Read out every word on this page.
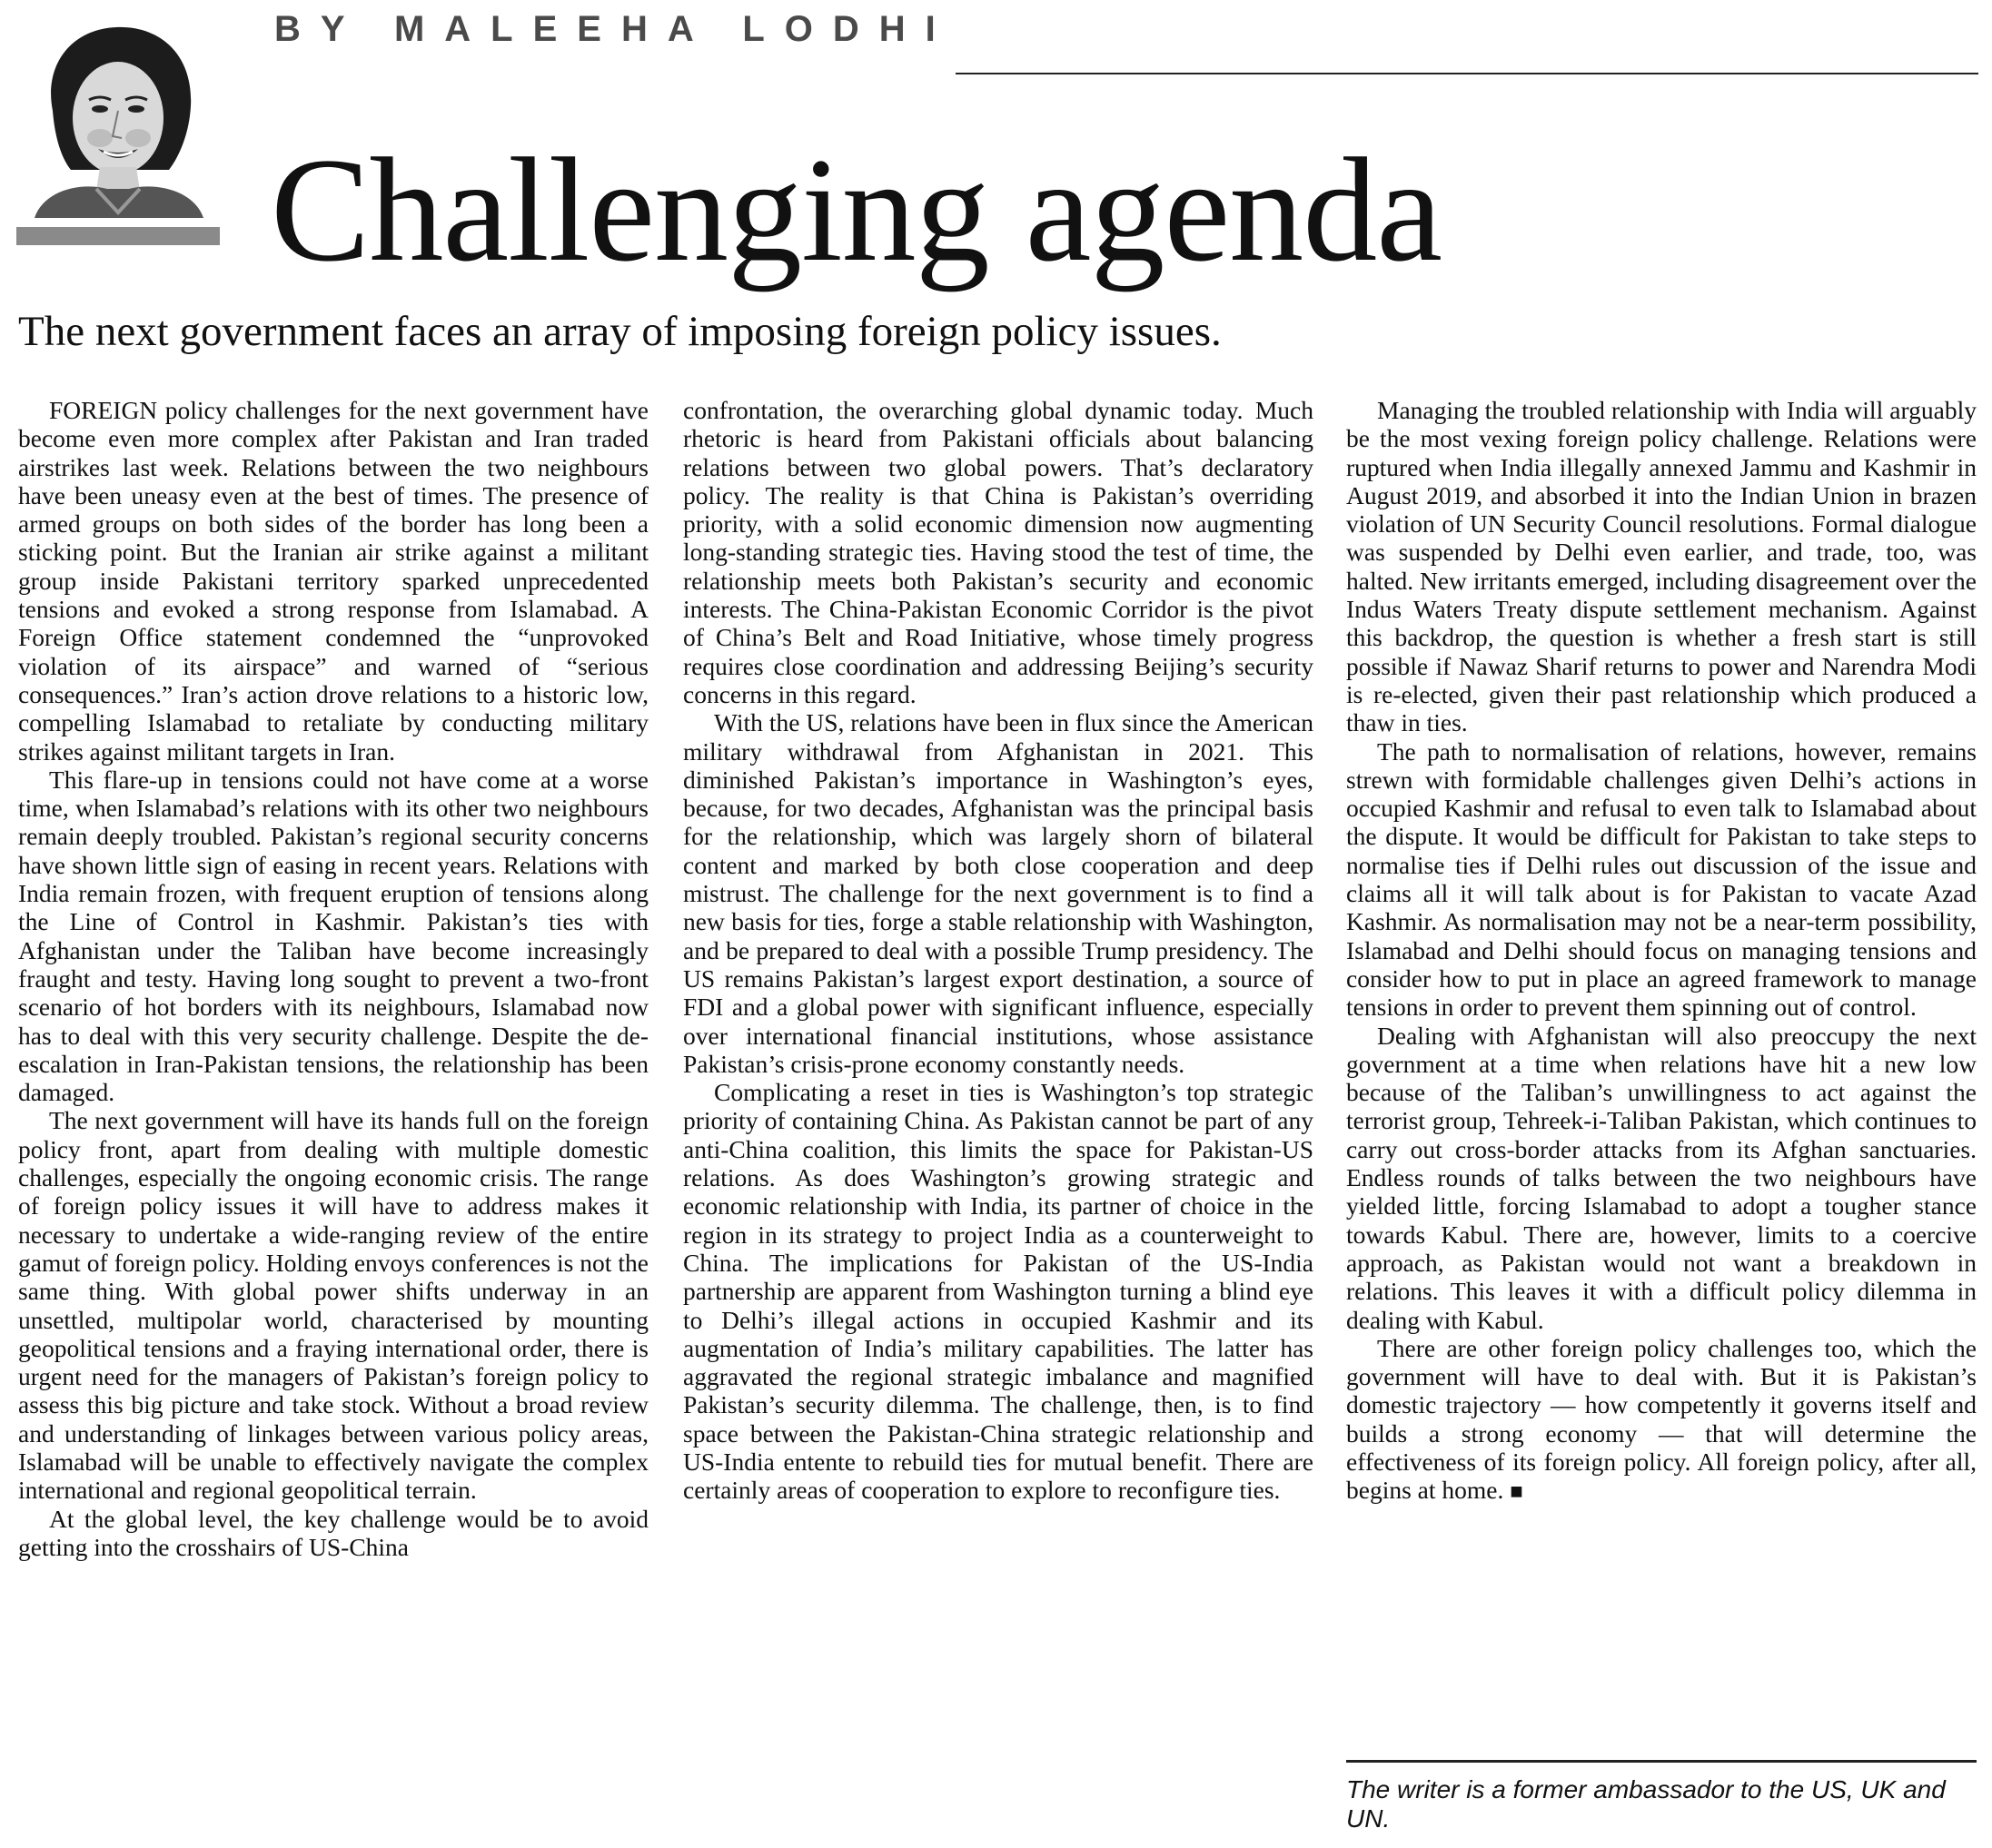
BY MALEEHA LODHI
Challenging agenda
The next government faces an array of imposing foreign policy issues.

FOREIGN policy challenges for the next government have become even more complex after Pakistan and Iran traded airstrikes last week. Relations between the two neighbours have been uneasy even at the best of times. The presence of armed groups on both sides of the border has long been a sticking point. But the Iranian air strike against a militant group inside Pakistani territory sparked unprecedented tensions and evoked a strong response from Islamabad. A Foreign Office statement condemned the “unprovoked violation of its airspace” and warned of “serious consequences.” Iran’s action drove relations to a historic low, compelling Islamabad to retaliate by conducting military strikes against militant targets in Iran.

This flare-up in tensions could not have come at a worse time, when Islamabad’s relations with its other two neighbours remain deeply troubled. Pakistan’s regional security concerns have shown little sign of easing in recent years. Relations with India remain frozen, with frequent eruption of tensions along the Line of Control in Kashmir. Pakistan’s ties with Afghanistan under the Taliban have become increasingly fraught and testy. Having long sought to prevent a two-front scenario of hot borders with its neighbours, Islamabad now has to deal with this very security challenge. Despite the de-escalation in Iran-Pakistan tensions, the relationship has been damaged.

The next government will have its hands full on the foreign policy front, apart from dealing with multiple domestic challenges, especially the ongoing economic crisis. The range of foreign policy issues it will have to address makes it necessary to undertake a wide-ranging review of the entire gamut of foreign policy. Holding envoys conferences is not the same thing. With global power shifts underway in an unsettled, multipolar world, characterised by mounting geopolitical tensions and a fraying international order, there is urgent need for the managers of Pakistan’s foreign policy to assess this big picture and take stock. Without a broad review and understanding of linkages between various policy areas, Islamabad will be unable to effectively navigate the complex international and regional geopolitical terrain.

At the global level, the key challenge would be to avoid getting into the crosshairs of US-China

confrontation, the overarching global dynamic today. Much rhetoric is heard from Pakistani officials about balancing relations between two global powers. That’s declaratory policy. The reality is that China is Pakistan’s overriding priority, with a solid economic dimension now augmenting long-standing strategic ties. Having stood the test of time, the relationship meets both Pakistan’s security and economic interests. The China-Pakistan Economic Corridor is the pivot of China’s Belt and Road Initiative, whose timely progress requires close coordination and addressing Beijing’s security concerns in this regard.

With the US, relations have been in flux since the American military withdrawal from Afghanistan in 2021. This diminished Pakistan’s importance in Washington’s eyes, because, for two decades, Afghanistan was the principal basis for the relationship, which was largely shorn of bilateral content and marked by both close cooperation and deep mistrust. The challenge for the next government is to find a new basis for ties, forge a stable relationship with Washington, and be prepared to deal with a possible Trump presidency. The US remains Pakistan’s largest export destination, a source of FDI and a global power with significant influence, especially over international financial institutions, whose assistance Pakistan’s crisis-prone economy constantly needs.

Complicating a reset in ties is Washington’s top strategic priority of containing China. As Pakistan cannot be part of any anti-China coalition, this limits the space for Pakistan-US relations. As does Washington’s growing strategic and economic relationship with India, its partner of choice in the region in its strategy to project India as a counterweight to China. The implications for Pakistan of the US-India partnership are apparent from Washington turning a blind eye to Delhi’s illegal actions in occupied Kashmir and its augmentation of India’s military capabilities. The latter has aggravated the regional strategic imbalance and magnified Pakistan’s security dilemma. The challenge, then, is to find space between the Pakistan-China strategic relationship and US-India entente to rebuild ties for mutual benefit. There are certainly areas of cooperation to explore to reconfigure ties.

Managing the troubled relationship with India will arguably be the most vexing foreign policy challenge. Relations were ruptured when India illegally annexed Jammu and Kashmir in August 2019, and absorbed it into the Indian Union in brazen violation of UN Security Council resolutions. Formal dialogue was suspended by Delhi even earlier, and trade, too, was halted. New irritants emerged, including disagreement over the Indus Waters Treaty dispute settlement mechanism. Against this backdrop, the question is whether a fresh start is still possible if Nawaz Sharif returns to power and Narendra Modi is re-elected, given their past relationship which produced a thaw in ties.

The path to normalisation of relations, however, remains strewn with formidable challenges given Delhi’s actions in occupied Kashmir and refusal to even talk to Islamabad about the dispute. It would be difficult for Pakistan to take steps to normalise ties if Delhi rules out discussion of the issue and claims all it will talk about is for Pakistan to vacate Azad Kashmir. As normalisation may not be a near-term possibility, Islamabad and Delhi should focus on managing tensions and consider how to put in place an agreed framework to manage tensions in order to prevent them spinning out of control.

Dealing with Afghanistan will also preoccupy the next government at a time when relations have hit a new low because of the Taliban’s unwillingness to act against the terrorist group, Tehreek-i-Taliban Pakistan, which continues to carry out cross-border attacks from its Afghan sanctuaries. Endless rounds of talks between the two neighbours have yielded little, forcing Islamabad to adopt a tougher stance towards Kabul. There are, however, limits to a coercive approach, as Pakistan would not want a breakdown in relations. This leaves it with a difficult policy dilemma in dealing with Kabul.

There are other foreign policy challenges too, which the government will have to deal with. But it is Pakistan’s domestic trajectory — how competently it governs itself and builds a strong economy — that will determine the effectiveness of its foreign policy. All foreign policy, after all, begins at home. ■

The writer is a former ambassador to the US, UK and UN.
